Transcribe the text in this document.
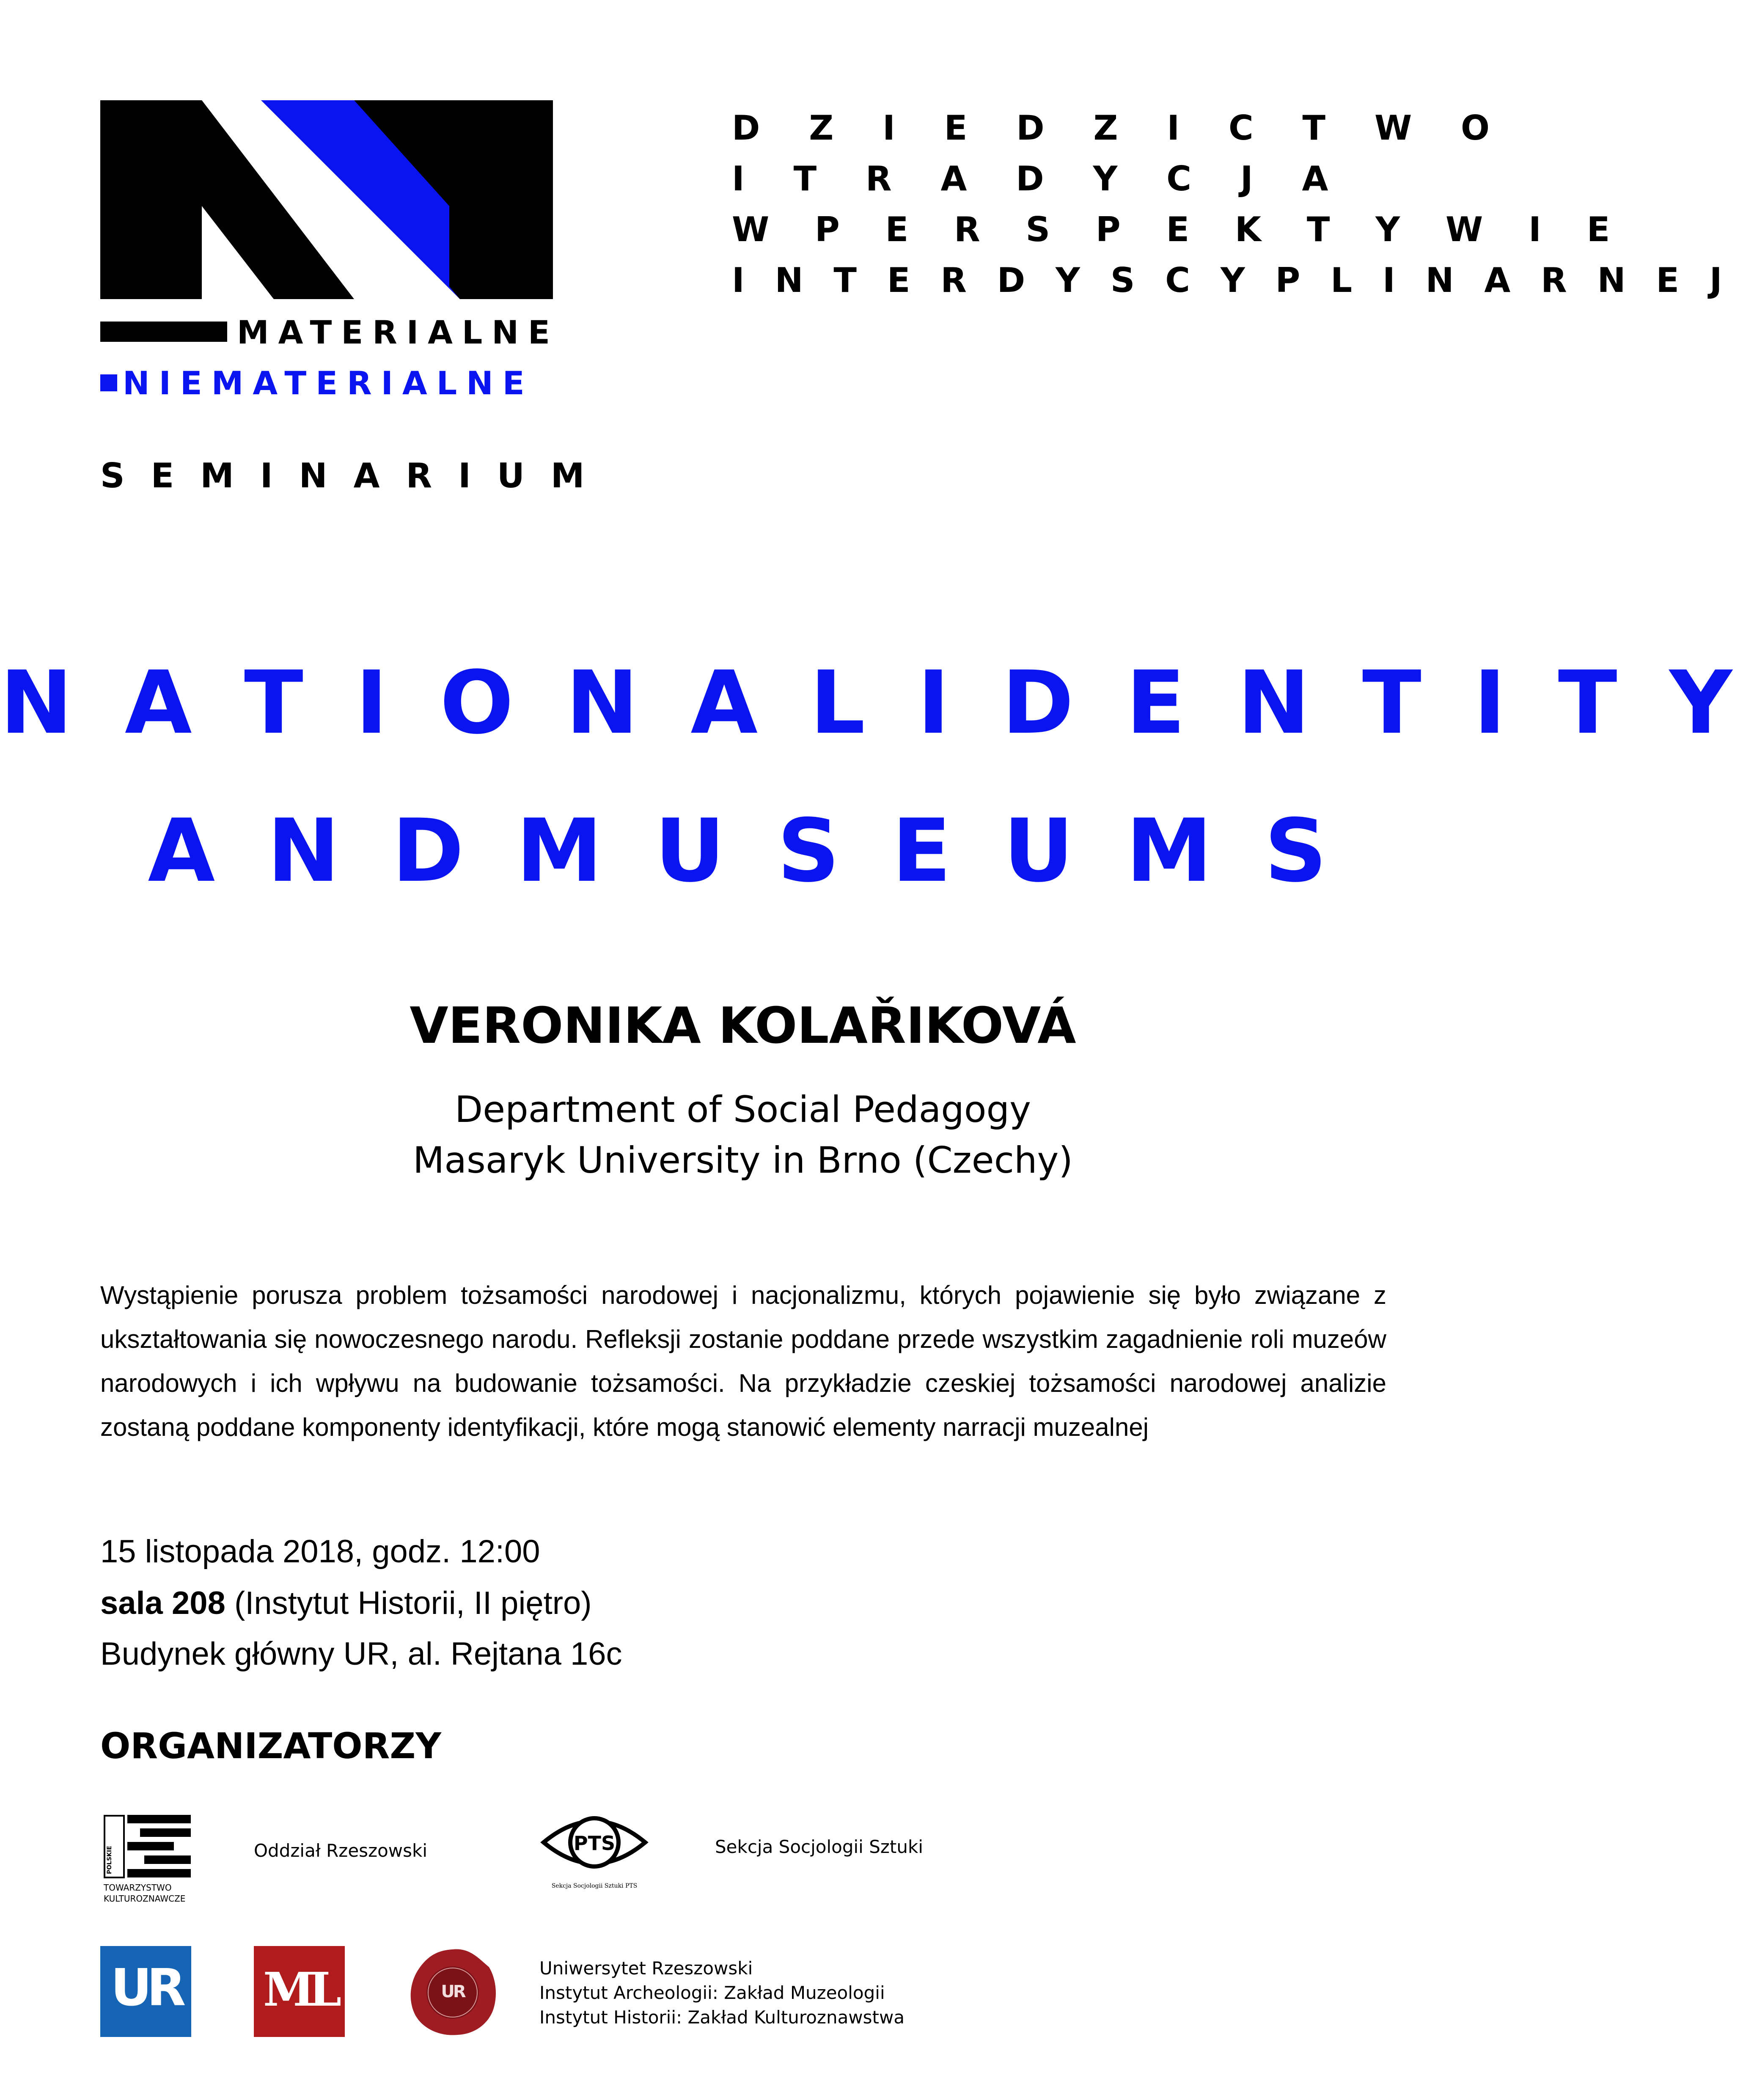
MATERIALNE
NIEMATERIALNE
SEMINARIUM
D Z I E D Z I C T W O
I T R A D Y C J A
W P E R S P E K T Y W I E
I N T E R D Y S C Y P L I N A R N E J
N A T I O N A L I D E N T I T Y
A N D M U S E U M S
VERONIKA KOLAŘIKOVÁ
Department of Social Pedagogy
Masaryk University in Brno (Czechy)
Wystąpienie porusza problem tożsamości narodowej i nacjonalizmu, których pojawienie się było związane z ukształtowania się nowoczesnego narodu. Refleksji zostanie poddane przede wszystkim zagadnienie roli muzeów narodowych i ich wpływu na budowanie tożsamości. Na przykładzie czeskiej tożsamości narodowej analizie zostaną poddane komponenty identyfikacji, które mogą stanowić elementy narracji muzealnej
15 listopada 2018, godz. 12:00
sala 208 (Instytut Historii, II piętro)
Budynek główny UR, al. Rejtana 16c
ORGANIZATORZY
POLSKIE
TOWARZYSTWO
KULTUROZNAWCZE
Oddział Rzeszowski	PTS
Sekcja Socjologii Sztuki PTS
Sekcja Socjologii Sztuki
UR ML	UR
Uniwersytet Rzeszowski
Instytut Archeologii: Zakład Muzeologii
Instytut Historii: Zakład Kulturoznawstwa
